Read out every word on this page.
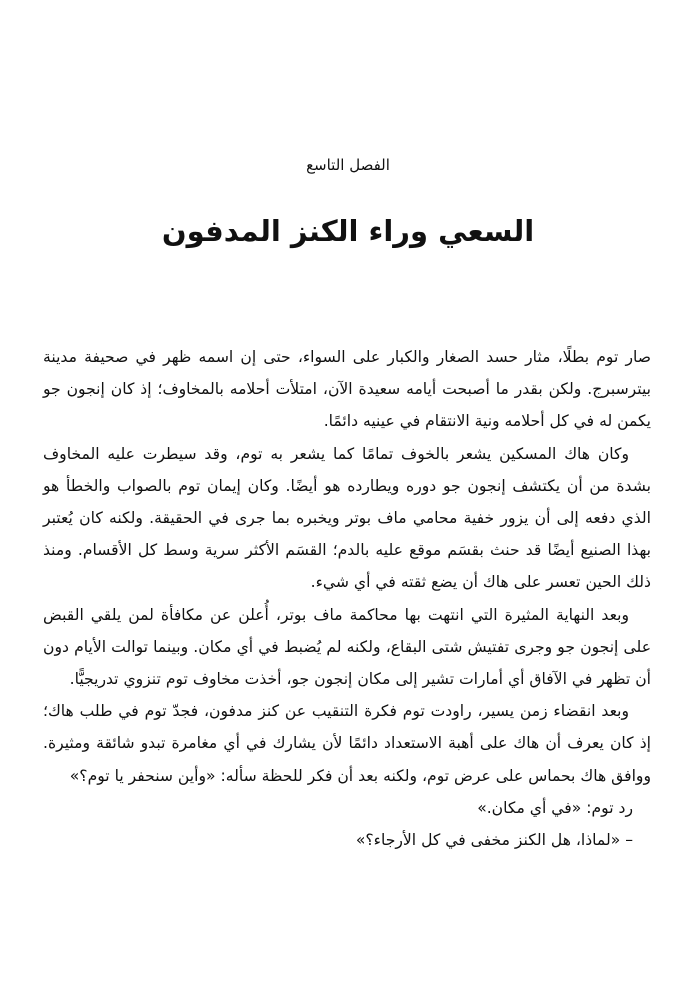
الفصل التاسع
السعي وراء الكنز المدفون

صار توم بطلًا، مثار حسد الصغار والكبار على السواء، حتى إن اسمه ظهر في صحيفة مدينة بيترسبرج. ولكن بقدر ما أصبحت أيامه سعيدة الآن، امتلأت أحلامه بالمخاوف؛ إذ كان إنجون جو يكمن له في كل أحلامه ونية الانتقام في عينيه دائمًا.

وكان هاك المسكين يشعر بالخوف تمامًا كما يشعر به توم، وقد سيطرت عليه المخاوف بشدة من أن يكتشف إنجون جو دوره ويطارده هو أيضًا. وكان إيمان توم بالصواب والخطأ هو الذي دفعه إلى أن يزور خفية محامي ماف بوتر ويخبره بما جرى في الحقيقة. ولكنه كان يُعتبر بهذا الصنيع أيضًا قد حنث بقسَم موقع عليه بالدم؛ القسَم الأكثر سرية وسط كل الأقسام. ومنذ ذلك الحين تعسر على هاك أن يضع ثقته في أي شيء.

وبعد النهاية المثيرة التي انتهت بها محاكمة ماف بوتر، أُعلن عن مكافأة لمن يلقي القبض على إنجون جو وجرى تفتيش شتى البقاع، ولكنه لم يُضبط في أي مكان. وبينما توالت الأيام دون أن تظهر في الآفاق أي أمارات تشير إلى مكان إنجون جو، أخذت مخاوف توم تنزوي تدريجيًّا.

وبعد انقضاء زمن يسير، راودت توم فكرة التنقيب عن كنز مدفون، فجدّ توم في طلب هاك؛ إذ كان يعرف أن هاك على أهبة الاستعداد دائمًا لأن يشارك في أي مغامرة تبدو شائقة ومثيرة. ووافق هاك بحماس على عرض توم، ولكنه بعد أن فكر للحظة سأله: «وأين سنحفر يا توم؟»

رد توم: «في أي مكان.»

– «لماذا، هل الكنز مخفى في كل الأرجاء؟»
